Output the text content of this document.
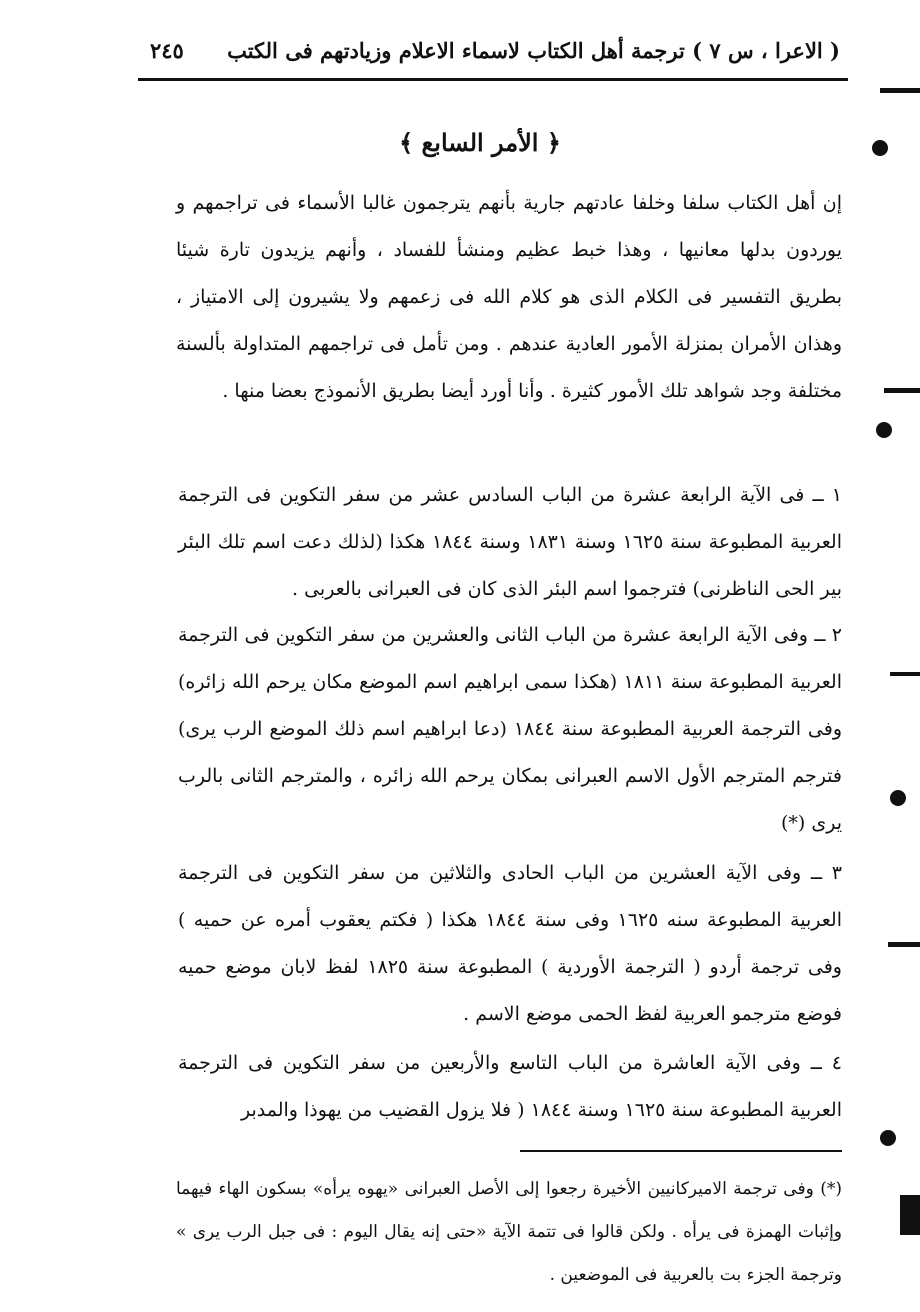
( الاعرا ، س ٧ ) ترجمة أهل الكتاب لاسماء الاعلام وزيادتهم فى الكتب
٢٤٥
﴿ الأمر السابع ﴾
إن أهل الكتاب سلفا وخلفا عادتهم جارية بأنهم يترجمون غالبا الأسماء فى تراجمهم و يوردون بدلها معانيها ، وهذا خبط عظيم ومنشأ للفساد ، وأنهم يزيدون تارة شيئا بطريق التفسير فى الكلام الذى هو كلام الله فى زعمهم ولا يشيرون إلى الامتياز ، وهذان الأمران بمنزلة الأمور العادية عندهم . ومن تأمل فى تراجمهم المتداولة بألسنة مختلفة وجد شواهد تلك الأمور كثيرة . وأنا أورد أيضا بطريق الأنموذج بعضا منها .
١ ــ فى الآية الرابعة عشرة من الباب السادس عشر من سفر التكوين فى الترجمة العربية المطبوعة سنة ١٦٢٥ وسنة ١٨٣١ وسنة ١٨٤٤ هكذا (لذلك دعت اسم تلك البئر بير الحى الناظرنى) فترجموا اسم البئر الذى كان فى العبرانى بالعربى .
٢ ــ وفى الآية الرابعة عشرة من الباب الثانى والعشرين من سفر التكوين فى الترجمة العربية المطبوعة سنة ١٨١١ (هكذا سمى ابراهيم اسم الموضع مكان يرحم الله زائره) وفى الترجمة العربية المطبوعة سنة ١٨٤٤ (دعا ابراهيم اسم ذلك الموضع الرب يرى) فترجم المترجم الأول الاسم العبرانى بمكان يرحم الله زائره ، والمترجم الثانى بالرب يرى (*)
٣ ــ وفى الآية العشرين من الباب الحادى والثلاثين من سفر التكوين فى الترجمة العربية المطبوعة سنه ١٦٢٥ وفى سنة ١٨٤٤ هكذا ( فكتم يعقوب أمره عن حميه ) وفى ترجمة أردو ( الترجمة الأوردية ) المطبوعة سنة ١٨٢٥ لفظ لابان موضع حميه فوضع مترجمو العربية لفظ الحمى موضع الاسم .
٤ ــ وفى الآية العاشرة من الباب التاسع والأربعين من سفر التكوين فى الترجمة العربية المطبوعة سنة ١٦٢٥ وسنة ١٨٤٤ ( فلا يزول القضيب من يهوذا والمدبر
(*) وفى ترجمة الاميركانيين الأخيرة رجعوا إلى الأصل العبرانى «يهوه يرأه» بسكون الهاء فيهما وإثبات الهمزة فى يرأه . ولكن قالوا فى تتمة الآية «حتى إنه يقال اليوم : فى جبل الرب يرى » وترجمة الجزء بت بالعربية فى الموضعين .
